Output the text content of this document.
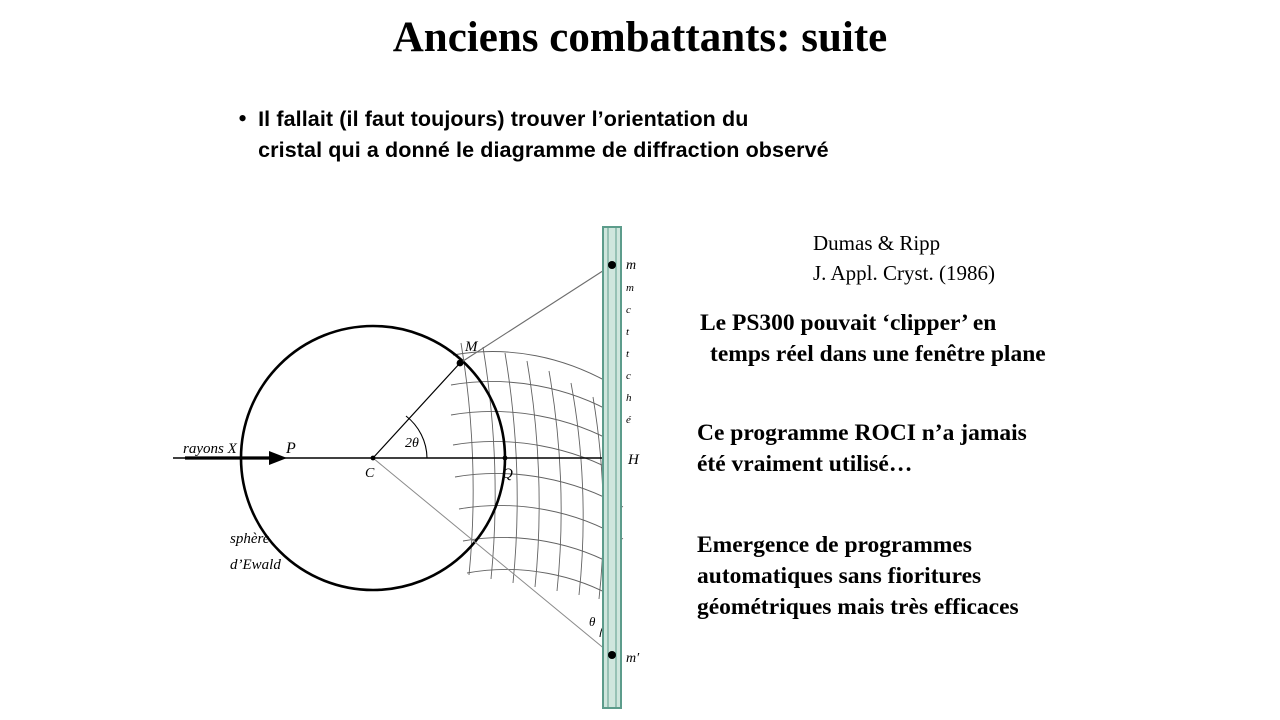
Anciens combattants: suite
• Il fallait (il faut toujours) trouver l’orientation du
cristal qui a donné le diagramme de diffraction observé
Dumas & Ripp
J. Appl. Cryst. (1986)
Le PS300 pouvait ‘clipper’ en
temps réel dans une fenêtre plane
Ce programme ROCI n’a jamais
été vraiment utilisé…
Emergence de programmes
automatiques sans fioritures
géométriques mais très efficaces
rayons X	P
C	Q
M
2θ
θ
H
m
m′
sphère
d’Ewald
m
c
t
t
c
h
é
